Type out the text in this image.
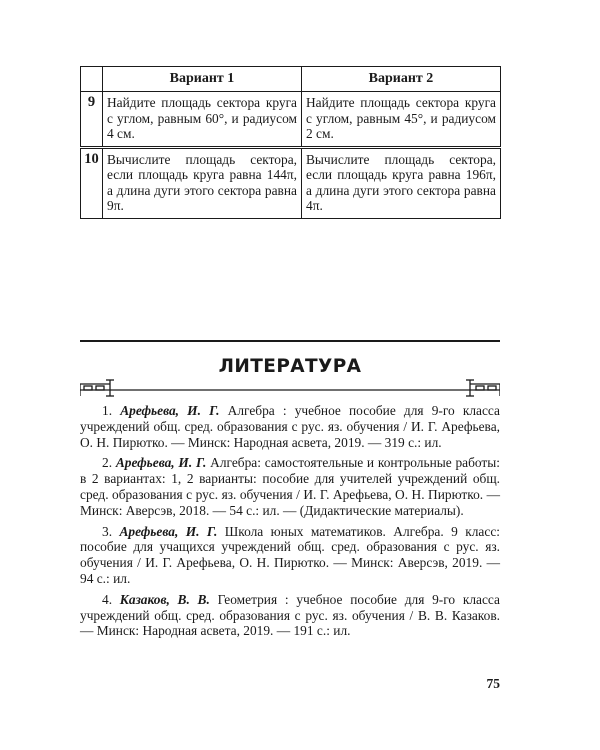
	Вариант 1	Вариант 2
9	Найдите площадь сектора круга с углом, равным 60°, и радиусом 4 см.	Найдите площадь сектора круга с углом, равным 45°, и радиусом 2 см.
10	Вычислите площадь сектора, если площадь круга равна 144π, а длина дуги этого сектора равна 9π.	Вычислите площадь сектора, если площадь круга равна 196π, а длина дуги этого сектора равна 4π.
ЛИТЕРАТУРА

1. Арефьева, И. Г. Алгебра : учебное пособие для 9-го класса учреждений общ. сред. образования с рус. яз. обучения / И. Г. Арефьева, О. Н. Пирютко. — Минск: Народная асвета, 2019. — 319 с.: ил.

2. Арефьева, И. Г. Алгебра: самостоятельные и контрольные работы: в 2 вариантах: 1, 2 варианты: пособие для учителей учреждений общ. сред. образования с рус. яз. обучения / И. Г. Арефьева, О. Н. Пирютко. — Минск: Аверсэв, 2018. — 54 с.: ил. — (Дидактические материалы).

3. Арефьева, И. Г. Школа юных математиков. Алгебра. 9 класс: пособие для учащихся учреждений общ. сред. образования с рус. яз. обучения / И. Г. Арефьева, О. Н. Пирютко. — Минск: Аверсэв, 2019. — 94 с.: ил.

4. Казаков, В. В. Геометрия : учебное пособие для 9-го класса учреждений общ. сред. образования с рус. яз. обучения / В. В. Казаков. — Минск: Народная асвета, 2019. — 191 с.: ил.

75
